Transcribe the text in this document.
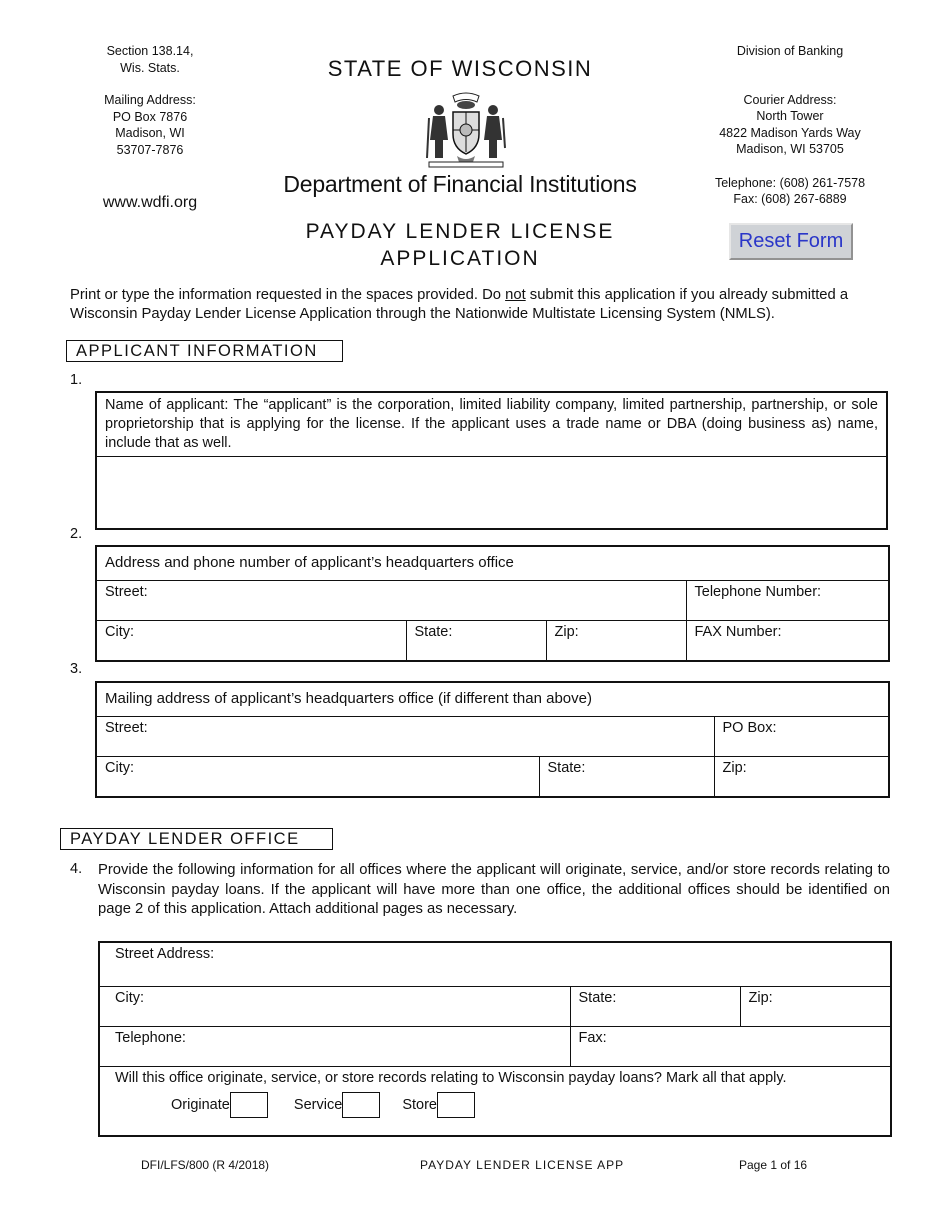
Section 138.14,
Wis. Stats.
Mailing Address:
PO Box 7876
Madison, WI
53707-7876
www.wdfi.org
STATE OF WISCONSIN
Department of Financial Institutions
PAYDAY LENDER LICENSE
APPLICATION
Division of Banking
Courier Address:
North Tower
4822 Madison Yards Way
Madison, WI 53705
Telephone: (608) 261-7578
Fax: (608) 267-6889
Reset Form
Print or type the information requested in the spaces provided. Do not submit this application if you already submitted a Wisconsin Payday Lender License Application through the Nationwide Multistate Licensing System (NMLS).
APPLICANT INFORMATION
1.
Name of applicant: The “applicant” is the corporation, limited liability company, limited partnership, partnership, or sole proprietorship that is applying for the license. If the applicant uses a trade name or DBA (doing business as) name, include that as well.

2.
Address and phone number of applicant’s headquarters office			
Street:			Telephone Number:
City:	State:	Zip:	FAX Number:
3.
Mailing address of applicant’s headquarters office (if different than above)		
Street:		PO Box:
City:	State:	Zip:
PAYDAY LENDER OFFICE
4. Provide the following information for all offices where the applicant will originate, service, and/or store records relating to Wisconsin payday loans. If the applicant will have more than one office, the additional offices should be identified on page 2 of this application. Attach additional pages as necessary.
Street Address:		
City:	State:	Zip:
Telephone:	Fax:	

Will this office originate, service, or store records relating to Wisconsin payday loans? Mark all that apply.
Originate Service Store		
DFI/LFS/800 (R 4/2018)	PAYDAY LENDER LICENSE APP	Page 1 of 16
